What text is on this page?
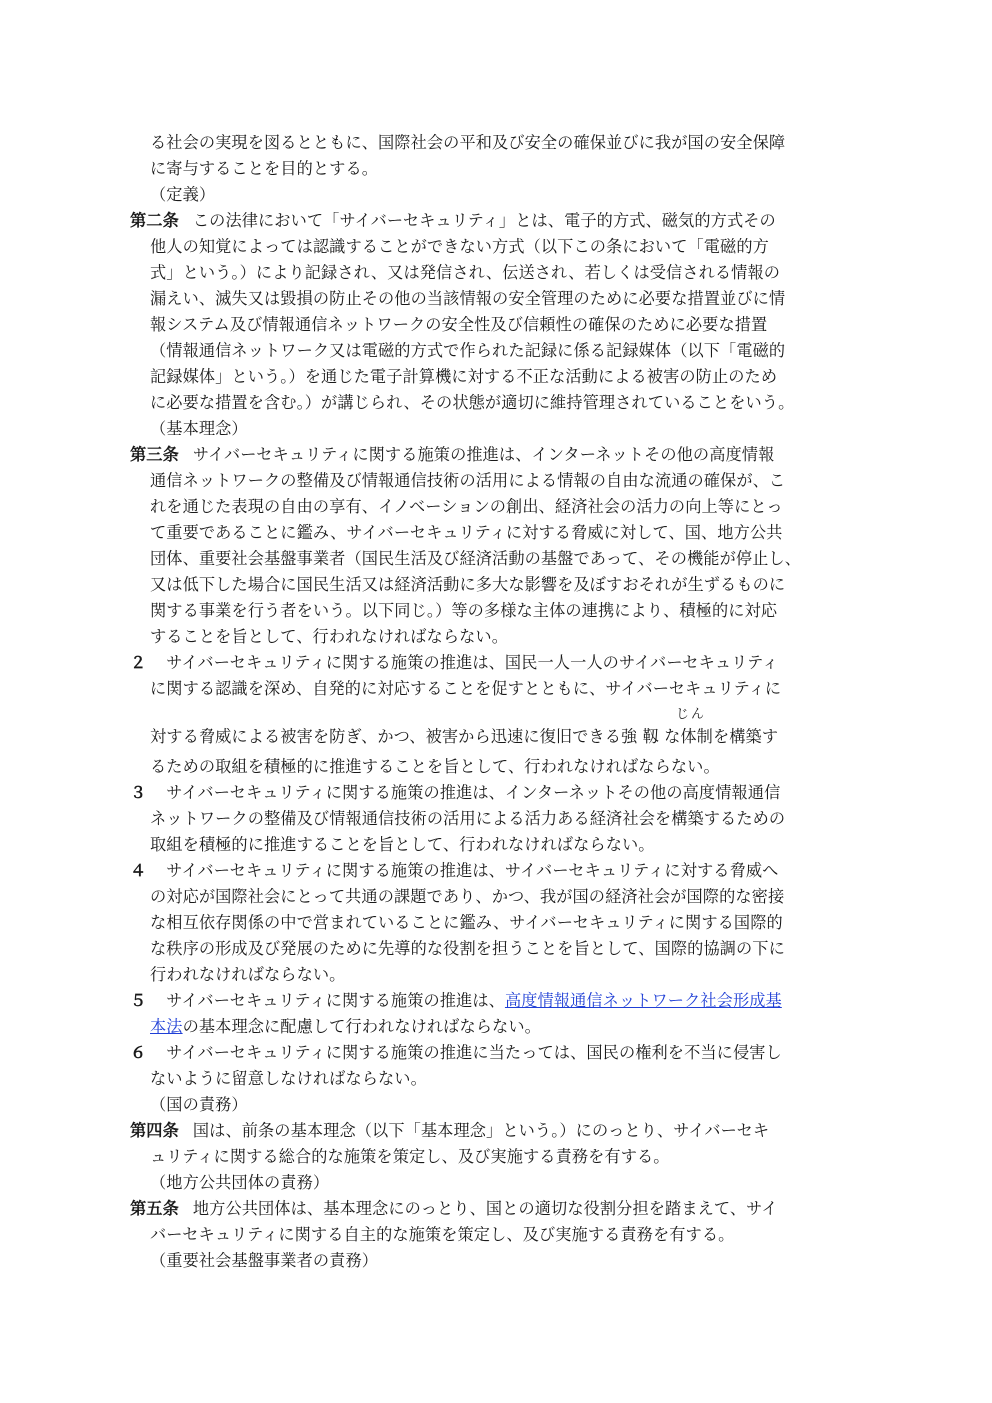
る社会の実現を図るとともに、国際社会の平和及び安全の確保並びに我が国の安全保障
に寄与することを目的とする。
（定義）
第二条 この法律において「サイバーセキュリティ」とは、電子的方式、磁気的方式その
他人の知覚によっては認識することができない方式（以下この条において「電磁的方
式」という。）により記録され、又は発信され、伝送され、若しくは受信される情報の
漏えい、滅失又は毀損の防止その他の当該情報の安全管理のために必要な措置並びに情
報システム及び情報通信ネットワークの安全性及び信頼性の確保のために必要な措置
（情報通信ネットワーク又は電磁的方式で作られた記録に係る記録媒体（以下「電磁的
記録媒体」という。）を通じた電子計算機に対する不正な活動による被害の防止のため
に必要な措置を含む。）が講じられ、その状態が適切に維持管理されていることをいう。
（基本理念）
第三条 サイバーセキュリティに関する施策の推進は、インターネットその他の高度情報
通信ネットワークの整備及び情報通信技術の活用による情報の自由な流通の確保が、こ
れを通じた表現の自由の享有、イノベーションの創出、経済社会の活力の向上等にとっ
て重要であることに鑑み、サイバーセキュリティに対する脅威に対して、国、地方公共
団体、重要社会基盤事業者（国民生活及び経済活動の基盤であって、その機能が停止し、
又は低下した場合に国民生活又は経済活動に多大な影響を及ぼすおそれが生ずるものに
関する事業を行う者をいう。以下同じ。）等の多様な主体の連携により、積極的に対応
することを旨として、行われなければならない。
２ サイバーセキュリティに関する施策の推進は、国民一人一人のサイバーセキュリティ
に関する認識を深め、自発的に対応することを促すとともに、サイバーセキュリティに
じん
対する脅威による被害を防ぎ、かつ、被害から迅速に復旧できる強 靱 な体制を構築す
るための取組を積極的に推進することを旨として、行われなければならない。
３ サイバーセキュリティに関する施策の推進は、インターネットその他の高度情報通信
ネットワークの整備及び情報通信技術の活用による活力ある経済社会を構築するための
取組を積極的に推進することを旨として、行われなければならない。
４ サイバーセキュリティに関する施策の推進は、サイバーセキュリティに対する脅威へ
の対応が国際社会にとって共通の課題であり、かつ、我が国の経済社会が国際的な密接
な相互依存関係の中で営まれていることに鑑み、サイバーセキュリティに関する国際的
な秩序の形成及び発展のために先導的な役割を担うことを旨として、国際的協調の下に
行われなければならない。
５ サイバーセキュリティに関する施策の推進は、高度情報通信ネットワーク社会形成基
本法の基本理念に配慮して行われなければならない。
６ サイバーセキュリティに関する施策の推進に当たっては、国民の権利を不当に侵害し
ないように留意しなければならない。
（国の責務）
第四条 国は、前条の基本理念（以下「基本理念」という。）にのっとり、サイバーセキ
ュリティに関する総合的な施策を策定し、及び実施する責務を有する。
（地方公共団体の責務）
第五条 地方公共団体は、基本理念にのっとり、国との適切な役割分担を踏まえて、サイ
バーセキュリティに関する自主的な施策を策定し、及び実施する責務を有する。
（重要社会基盤事業者の責務）
